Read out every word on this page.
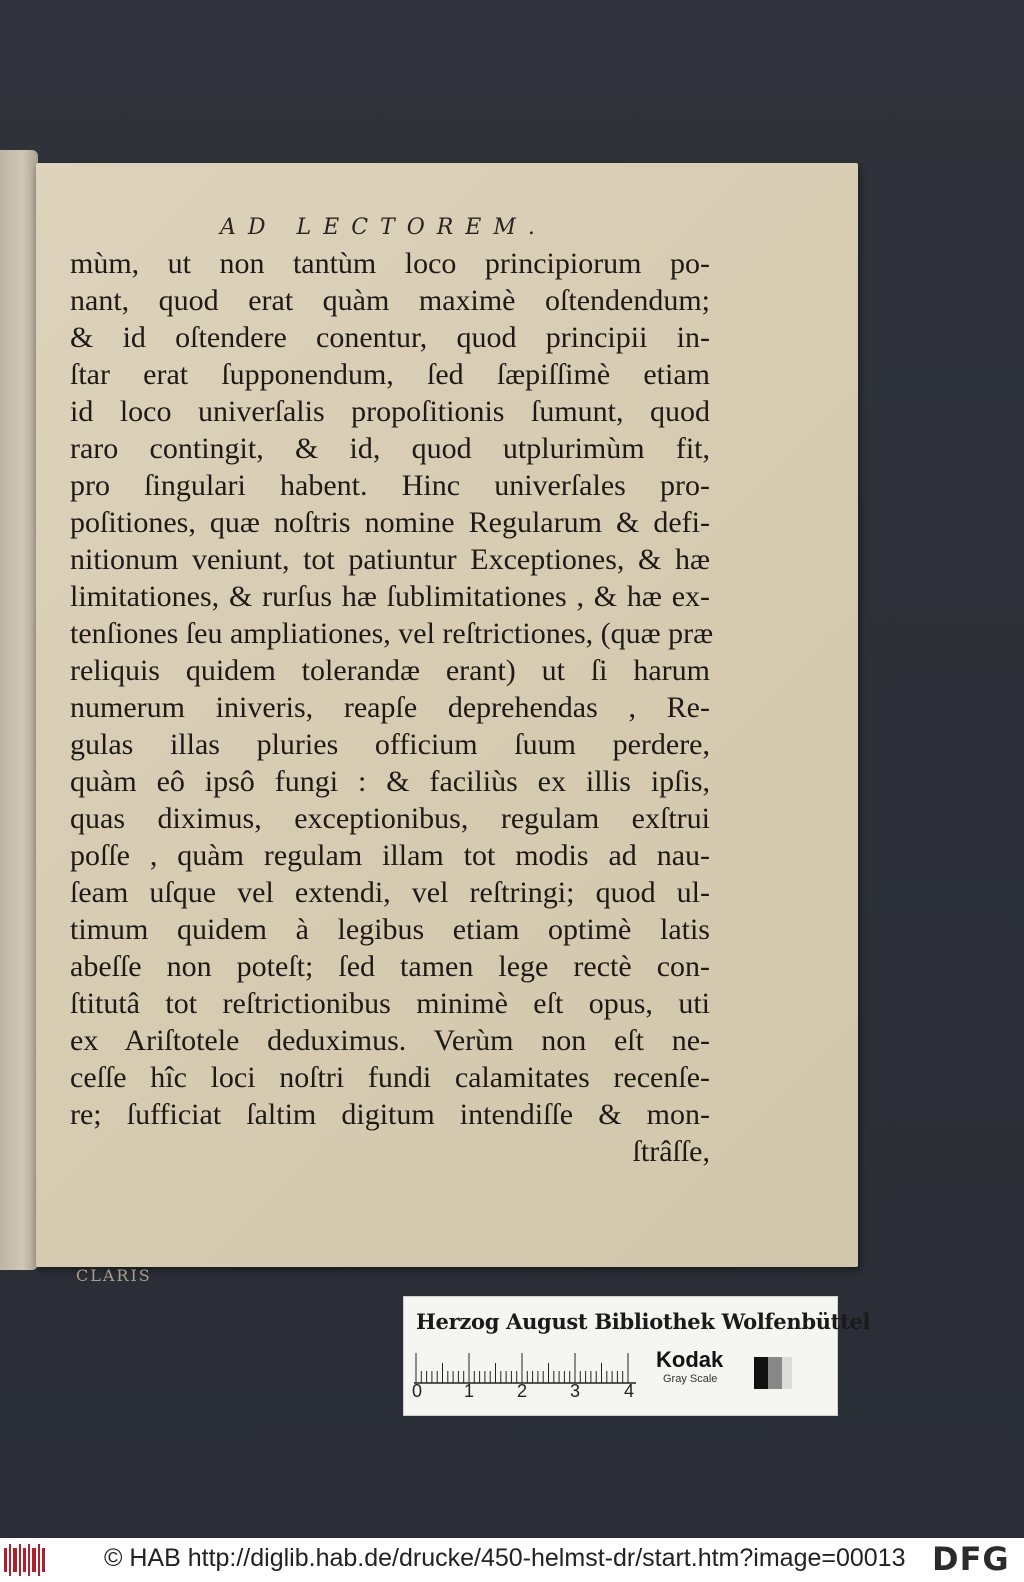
AD LECTOREM.
mùm, ut non tantùm loco principiorum po-
nant, quod erat quàm maximè oſtendendum;
& id oſtendere conentur, quod principii in-
ſtar erat ſupponendum, ſed ſæpiſſimè etiam
id loco univerſalis propoſitionis ſumunt, quod
raro contingit, & id, quod utplurimùm fit,
pro ſingulari habent. Hinc univerſales pro-
poſitiones, quæ noſtris nomine Regularum & defi-
nitionum veniunt, tot patiuntur Exceptiones, & hæ
limitationes, & rurſus hæ ſublimitationes , & hæ ex-
tenſiones ſeu ampliationes, vel reſtrictiones, (quæ præ
reliquis quidem tolerandæ erant) ut ſi harum
numerum iniveris, reapſe deprehendas , Re-
gulas illas pluries officium ſuum perdere,
quàm eô ipsô fungi : & faciliùs ex illis ipſis,
quas diximus, exceptionibus, regulam exſtrui
poſſe , quàm regulam illam tot modis ad nau-
ſeam uſque vel extendi, vel reſtringi; quod ul-
timum quidem à legibus etiam optimè latis
abeſſe non poteſt; ſed tamen lege rectè con-
ſtitutâ tot reſtrictionibus minimè eſt opus, uti
ex Ariſtotele deduximus. Verùm non eſt ne-
ceſſe hîc loci noſtri fundi calamitates recenſe-
re; ſufficiat ſaltim digitum intendiſſe & mon-
ſtrâſſe,
CLARIS
Herzog August Bibliothek Wolfenbüttel
0 1 2 3 4
Kodak
Gray Scale
© HAB http://diglib.hab.de/drucke/450-helmst-dr/start.htm?image=00013 DFG
